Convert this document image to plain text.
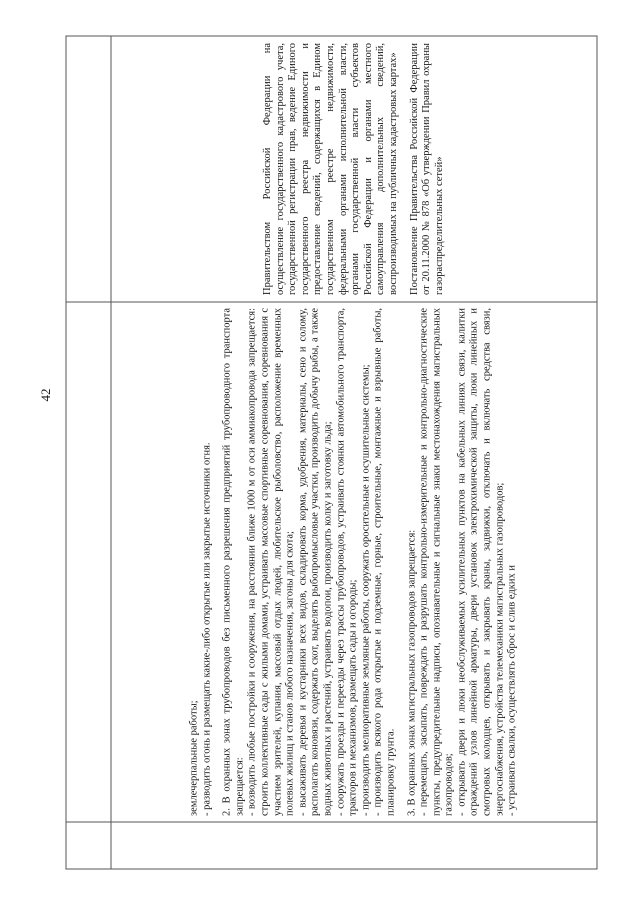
42

Правительством Российской Федерации на осуществление государственного кадастрового учета, государственной регистрации прав, ведение Единого государственного реестра недвижимости и предоставление сведений, содержащихся в Едином государственном реестре недвижимости, федеральными органами исполнительной власти, органами государственной власти субъектов Российской Федерации и органами местного самоуправления дополнительных сведений, воспроизводимых на публичных кадастровых картах» Постановление Правительства Российской Федерации от 20.11.2000 № 878 «Об утверждении Правил охраны газораспределительных сетей»

землечерпальные работы; - разводить огонь и размещать какие-либо открытые или закрытые источники огня. 2. В охранных зонах трубопроводов без письменного разрешения предприятий трубопроводного транспорта запрещается: - возводить любые постройки и сооружения, на расстоянии ближе 1000 м от оси аммиакопровода запрещается: строить коллективные сады с жилыми домами, устраивать массовые спортивные соревнования, соревнования с участием зрителей, купания, массовый отдых людей, любительское рыболовство, расположение временных полевых жилищ и станов любого назначения, загоны для скота; - высаживать деревья и кустарники всех видов, складировать корма, удобрения, материалы, сено и солому, располагать коновязи, содержать скот, выделять рыбопромысловые участки, производить добычу рыбы, а также водных животных и растений, устраивать водопои, производить колку и заготовку льда; - сооружать проезды и переезды через трассы трубопроводов, устраивать стоянки автомобильного транспорта, тракторов и механизмов, размещать сады и огороды; - производить мелиоративные земляные работы, сооружать оросительные и осушительные системы; - производить всякого рода открытые и подземные, горные, строительные, монтажные и взрывные работы, планировку грунта. 3. В охранных зонах магистральных газопроводов запрещается: - перемещать, засыпать, повреждать и разрушать контрольно-измерительные и контрольно-диагностические пункты, предупредительные надписи, опознавательные и сигнальные знаки местонахождения магистральных газопроводов; - открывать двери и люки необслуживаемых усилительных пунктов на кабельных линиях связи, калитки ограждений узлов линейной арматуры, двери установок электрохимической защиты, люки линейных и смотровых колодцев, открывать и закрывать краны, задвижки, отключать и включать средства связи, энергоснабжения, устройства телемеханики магистральных газопроводов; - устраивать свалки, осуществлять сброс и слив едких и
